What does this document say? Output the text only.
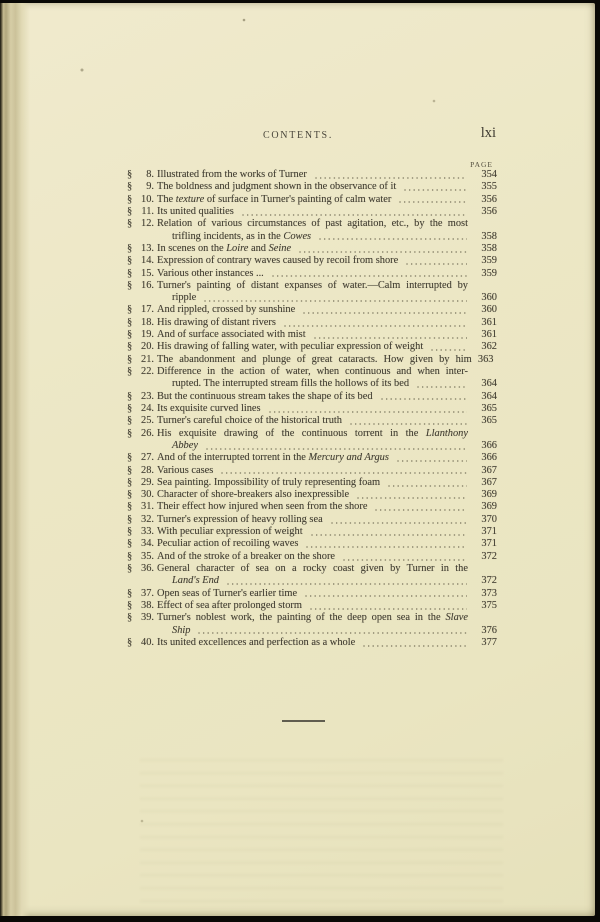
CONTENTS.	lxi
PAGE
§ 8. Illustrated from the works of Turner	354
§ 9. The boldness and judgment shown in the observance of it	355
§ 10. The texture of surface in Turner's painting of calm water	356
§ 11. Its united qualities	356
§ 12. Relation of various circumstances of past agitation, etc., by the most
trifling incidents, as in the Cowes	358
§ 13. In scenes on the Loire and Seine	358
§ 14. Expression of contrary waves caused by recoil from shore	359
§ 15. Various other instances ...	359
§ 16. Turner's painting of distant expanses of water.—Calm interrupted by
ripple	360
§ 17. And rippled, crossed by sunshine	360
§ 18. His drawing of distant rivers	361
§ 19. And of surface associated with mist	361
§ 20. His drawing of falling water, with peculiar expression of weight	362
§ 21. The abandonment and plunge of great cataracts. How given by him 363
§ 22. Difference in the action of water, when continuous and when inter-
rupted. The interrupted stream fills the hollows of its bed	364
§ 23. But the continuous stream takes the shape of its bed	364
§ 24. Its exquisite curved lines	365
§ 25. Turner's careful choice of the historical truth	365
§ 26. His exquisite drawing of the continuous torrent in the Llanthony
Abbey	366
§ 27. And of the interrupted torrent in the Mercury and Argus	366
§ 28. Various cases	367
§ 29. Sea painting. Impossibility of truly representing foam	367
§ 30. Character of shore-breakers also inexpressible	369
§ 31. Their effect how injured when seen from the shore	369
§ 32. Turner's expression of heavy rolling sea	370
§ 33. With peculiar expression of weight	371
§ 34. Peculiar action of recoiling waves	371
§ 35. And of the stroke of a breaker on the shore	372
§ 36. General character of sea on a rocky coast given by Turner in the
Land's End	372
§ 37. Open seas of Turner's earlier time	373
§ 38. Effect of sea after prolonged storm	375
§ 39. Turner's noblest work, the painting of the deep open sea in the Slave
Ship	376
§ 40. Its united excellences and perfection as a whole	377
